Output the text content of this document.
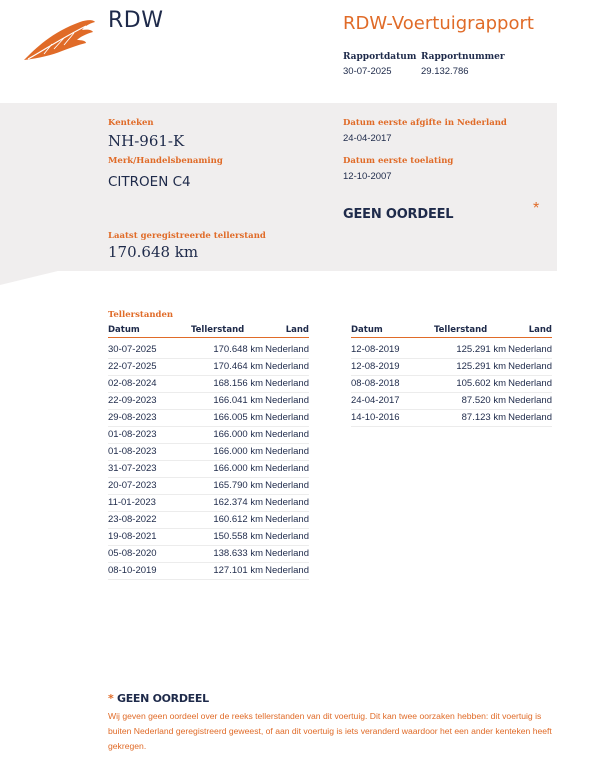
RDW	RDW-Voertuigrapport
Rapportdatum
30-07-2025
Rapportnummer
29.132.786
Kenteken
NH-961-K
Merk/Handelsbenaming
CITROEN C4
Laatst geregistreerde tellerstand
170.648 km
Datum eerste afgifte in Nederland
24-04-2017
Datum eerste toelating
12-10-2007
GEEN OORDEEL	*
Tellerstanden
Datum	Tellerstand	Land
30-07-2025	170.648 km	Nederland
22-07-2025	170.464 km	Nederland
02-08-2024	168.156 km	Nederland
22-09-2023	166.041 km	Nederland
29-08-2023	166.005 km	Nederland
01-08-2023	166.000 km	Nederland
01-08-2023	166.000 km	Nederland
31-07-2023	166.000 km	Nederland
20-07-2023	165.790 km	Nederland
11-01-2023	162.374 km	Nederland
23-08-2022	160.612 km	Nederland
19-08-2021	150.558 km	Nederland
05-08-2020	138.633 km	Nederland
08-10-2019	127.101 km	Nederland
Datum	Tellerstand	Land
12-08-2019	125.291 km	Nederland
12-08-2019	125.291 km	Nederland
08-08-2018	105.602 km	Nederland
24-04-2017	87.520 km	Nederland
14-10-2016	87.123 km	Nederland
* GEEN OORDEEL
Wij geven geen oordeel over de reeks tellerstanden van dit voertuig. Dit kan twee oorzaken hebben: dit voertuig is buiten Nederland geregistreerd geweest, of aan dit voertuig is iets veranderd waardoor het een ander kenteken heeft gekregen.
